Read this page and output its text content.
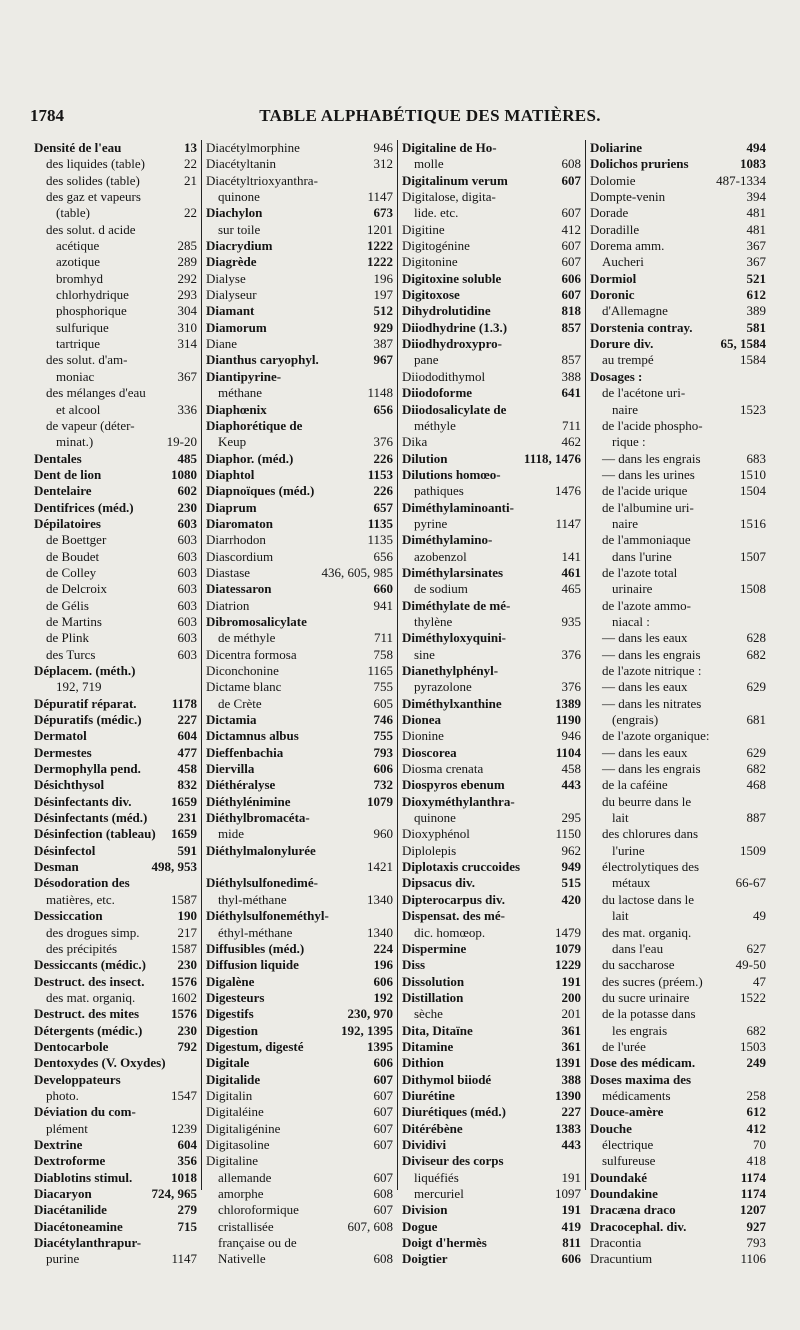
1784	TABLE ALPHABÉTIQUE DES MATIÈRES.
Densité de l'eau	13
des liquides (table)	22
des solides (table)	21
des gaz et vapeurs
(table)	22
des solut. d acide
acétique	285
azotique	289
bromhyd	292
chlorhydrique	293
phosphorique	304
sulfurique	310
tartrique	314
des solut. d'am-
moniac	367
des mélanges d'eau
et alcool	336
de vapeur (déter-
minat.)	19-20
Dentales	485
Dent de lion	1080
Dentelaire	602
Dentifrices (méd.)	230
Dépilatoires	603
de Boettger	603
de Boudet	603
de Colley	603
de Delcroix	603
de Gélis	603
de Martins	603
de Plink	603
des Turcs	603
Déplacem. (méth.)
192, 719
Dépuratif réparat.	1178
Dépuratifs (médic.)	227
Dermatol	604
Dermestes	477
Dermophylla pend.	458
Désichthysol	832
Désinfectants div.	1659
Désinfectants (méd.) 231
Désinfection (tableau) 1659
Désinfectol	591
Desman	498, 953
Désodoration des
matières, etc.	1587
Dessiccation	190
des drogues simp.	217
des précipités	1587
Dessiccants (médic.) 230
Destruct. des insect. 1576
des mat. organiq.	1602
Destruct. des mites 1576
Détergents (médic.)	230
Dentocarbole	792
Dentoxydes (V. Oxydes)
Developpateurs
photo.	1547
Déviation du com-
plément	1239
Dextrine	604
Dextroforme	356
Diablotins stimul.	1018
Diacaryon	724, 965
Diacétanilide	279
Diacétoneamine	715
Diacétylanthrapur-
purine	1147
Diacétylmorphine	946
Diacétyltanin	312
Diacétyltrioxyanthra-
quinone	1147
Diachylon	673
sur toile	1201
Diacrydium	1222
Diagrède	1222
Dialyse	196
Dialyseur	197
Diamant	512
Diamorum	929
Diane	387
Dianthus caryophyl.	967
Diantipyrine-
méthane	1148
Diaphœnix	656
Diaphorétique de
Keup	376
Diaphor. (méd.)	226
Diaphtol	1153
Diapnoïques (méd.)	226
Diaprum	657
Diaromaton	1135
Diarrhodon	1135
Diascordium	656
Diastase	436, 605, 985
Diatessaron	660
Diatrion	941
Dibromosalicylate
de méthyle	711
Dicentra formosa	758
Diconchonine	1165
Dictame blanc	755
de Crète	605
Dictamia	746
Dictamnus albus	755
Dieffenbachia	793
Diervilla	606
Diéthéralyse	732
Diéthylénimine	1079
Diéthylbromacéta-
mide	960
Diéthylmalonylurée
1421
Diéthylsulfonedimé-
thyl-méthane	1340
Diéthylsulfoneméthyl-
éthyl-méthane	1340
Diffusibles (méd.)	224
Diffusion liquide	196
Digalène	606
Digesteurs	192
Digestifs	230, 970
Digestion	192, 1395
Digestum, digesté	1395
Digitale	606
Digitalide	607
Digitalin	607
Digitaléine	607
Digitaligénine	607
Digitasoline	607
Digitaline
allemande	607
amorphe	608
chloroformique	607
cristallisée	607, 608
française ou de
Nativelle	608
Digitaline de Ho-
molle	608
Digitalinum verum	607
Digitalose, digita-
lide. etc.	607
Digitine	412
Digitogénine	607
Digitonine	607
Digitoxine soluble	606
Digitoxose	607
Dihydrolutidine	818
Diiodhydrine (1.3.)	857
Diiodhydroxypro-
pane	857
Diiododithymol	388
Diiodoforme	641
Diiodosalicylate de
méthyle	711
Dika	462
Dilution	1118, 1476
Dilutions homœo-
pathiques	1476
Diméthylaminoanti-
pyrine	1147
Diméthylamino-
azobenzol	141
Diméthylarsinates	461
de sodium	465
Diméthylate de mé-
thylène	935
Diméthyloxyquini-
sine	376
Dianethylphényl-
pyrazolone	376
Diméthylxanthine	1389
Dionea	1190
Dionine	946
Dioscorea	1104
Diosma crenata	458
Diospyros ebenum	443
Dioxyméthylanthra-
quinone	295
Dioxyphénol	1150
Diplolepis	962
Diplotaxis cruccoides	949
Dipsacus div.	515
Dipterocarpus div.	420
Dispensat. des mé-
dic. homœop.	1479
Dispermine	1079
Diss	1229
Dissolution	191
Distillation	200
sèche	201
Dita, Ditaïne	361
Ditamine	361
Dithion	1391
Dithymol biiodé	388
Diurétine	1390
Diurétiques (méd.)	227
Ditérébène	1383
Dividivi	443
Diviseur des corps
liquéfiés	191
mercuriel	1097
Division	191
Dogue	419
Doigt d'hermès	811
Doigtier	606
Doliarine	494
Dolichos pruriens	1083
Dolomie	487-1334
Dompte-venin	394
Dorade	481
Doradille	481
Dorema amm.	367
Aucheri	367
Dormiol	521
Doronic	612
d'Allemagne	389
Dorstenia contray.	581
Dorure div.	65, 1584
au trempé	1584
Dosages :
de l'acétone uri-
naire	1523
de l'acide phospho-
rique :
— dans les engrais	683
— dans les urines	1510
de l'acide urique	1504
de l'albumine uri-
naire	1516
de l'ammoniaque
dans l'urine	1507
de l'azote total
urinaire	1508
de l'azote ammo-
niacal :
— dans les eaux	628
— dans les engrais	682
de l'azote nitrique :
— dans les eaux	629
— dans les nitrates
(engrais)	681
de l'azote organique:
— dans les eaux	629
— dans les engrais	682
de la caféine	468
du beurre dans le
lait	887
des chlorures dans
l'urine	1509
électrolytiques des
métaux	66-67
du lactose dans le
lait	49
des mat. organiq.
dans l'eau	627
du saccharose	49-50
des sucres (préem.)	47
du sucre urinaire	1522
de la potasse dans
les engrais	682
de l'urée	1503
Dose des médicam.	249
Doses maxima des
médicaments	258
Douce-amère	612
Douche	412
électrique	70
sulfureuse	418
Doundaké	1174
Doundakine	1174
Dracæna draco	1207
Dracocephal. div.	927
Dracontia	793
Dracuntium	1106
